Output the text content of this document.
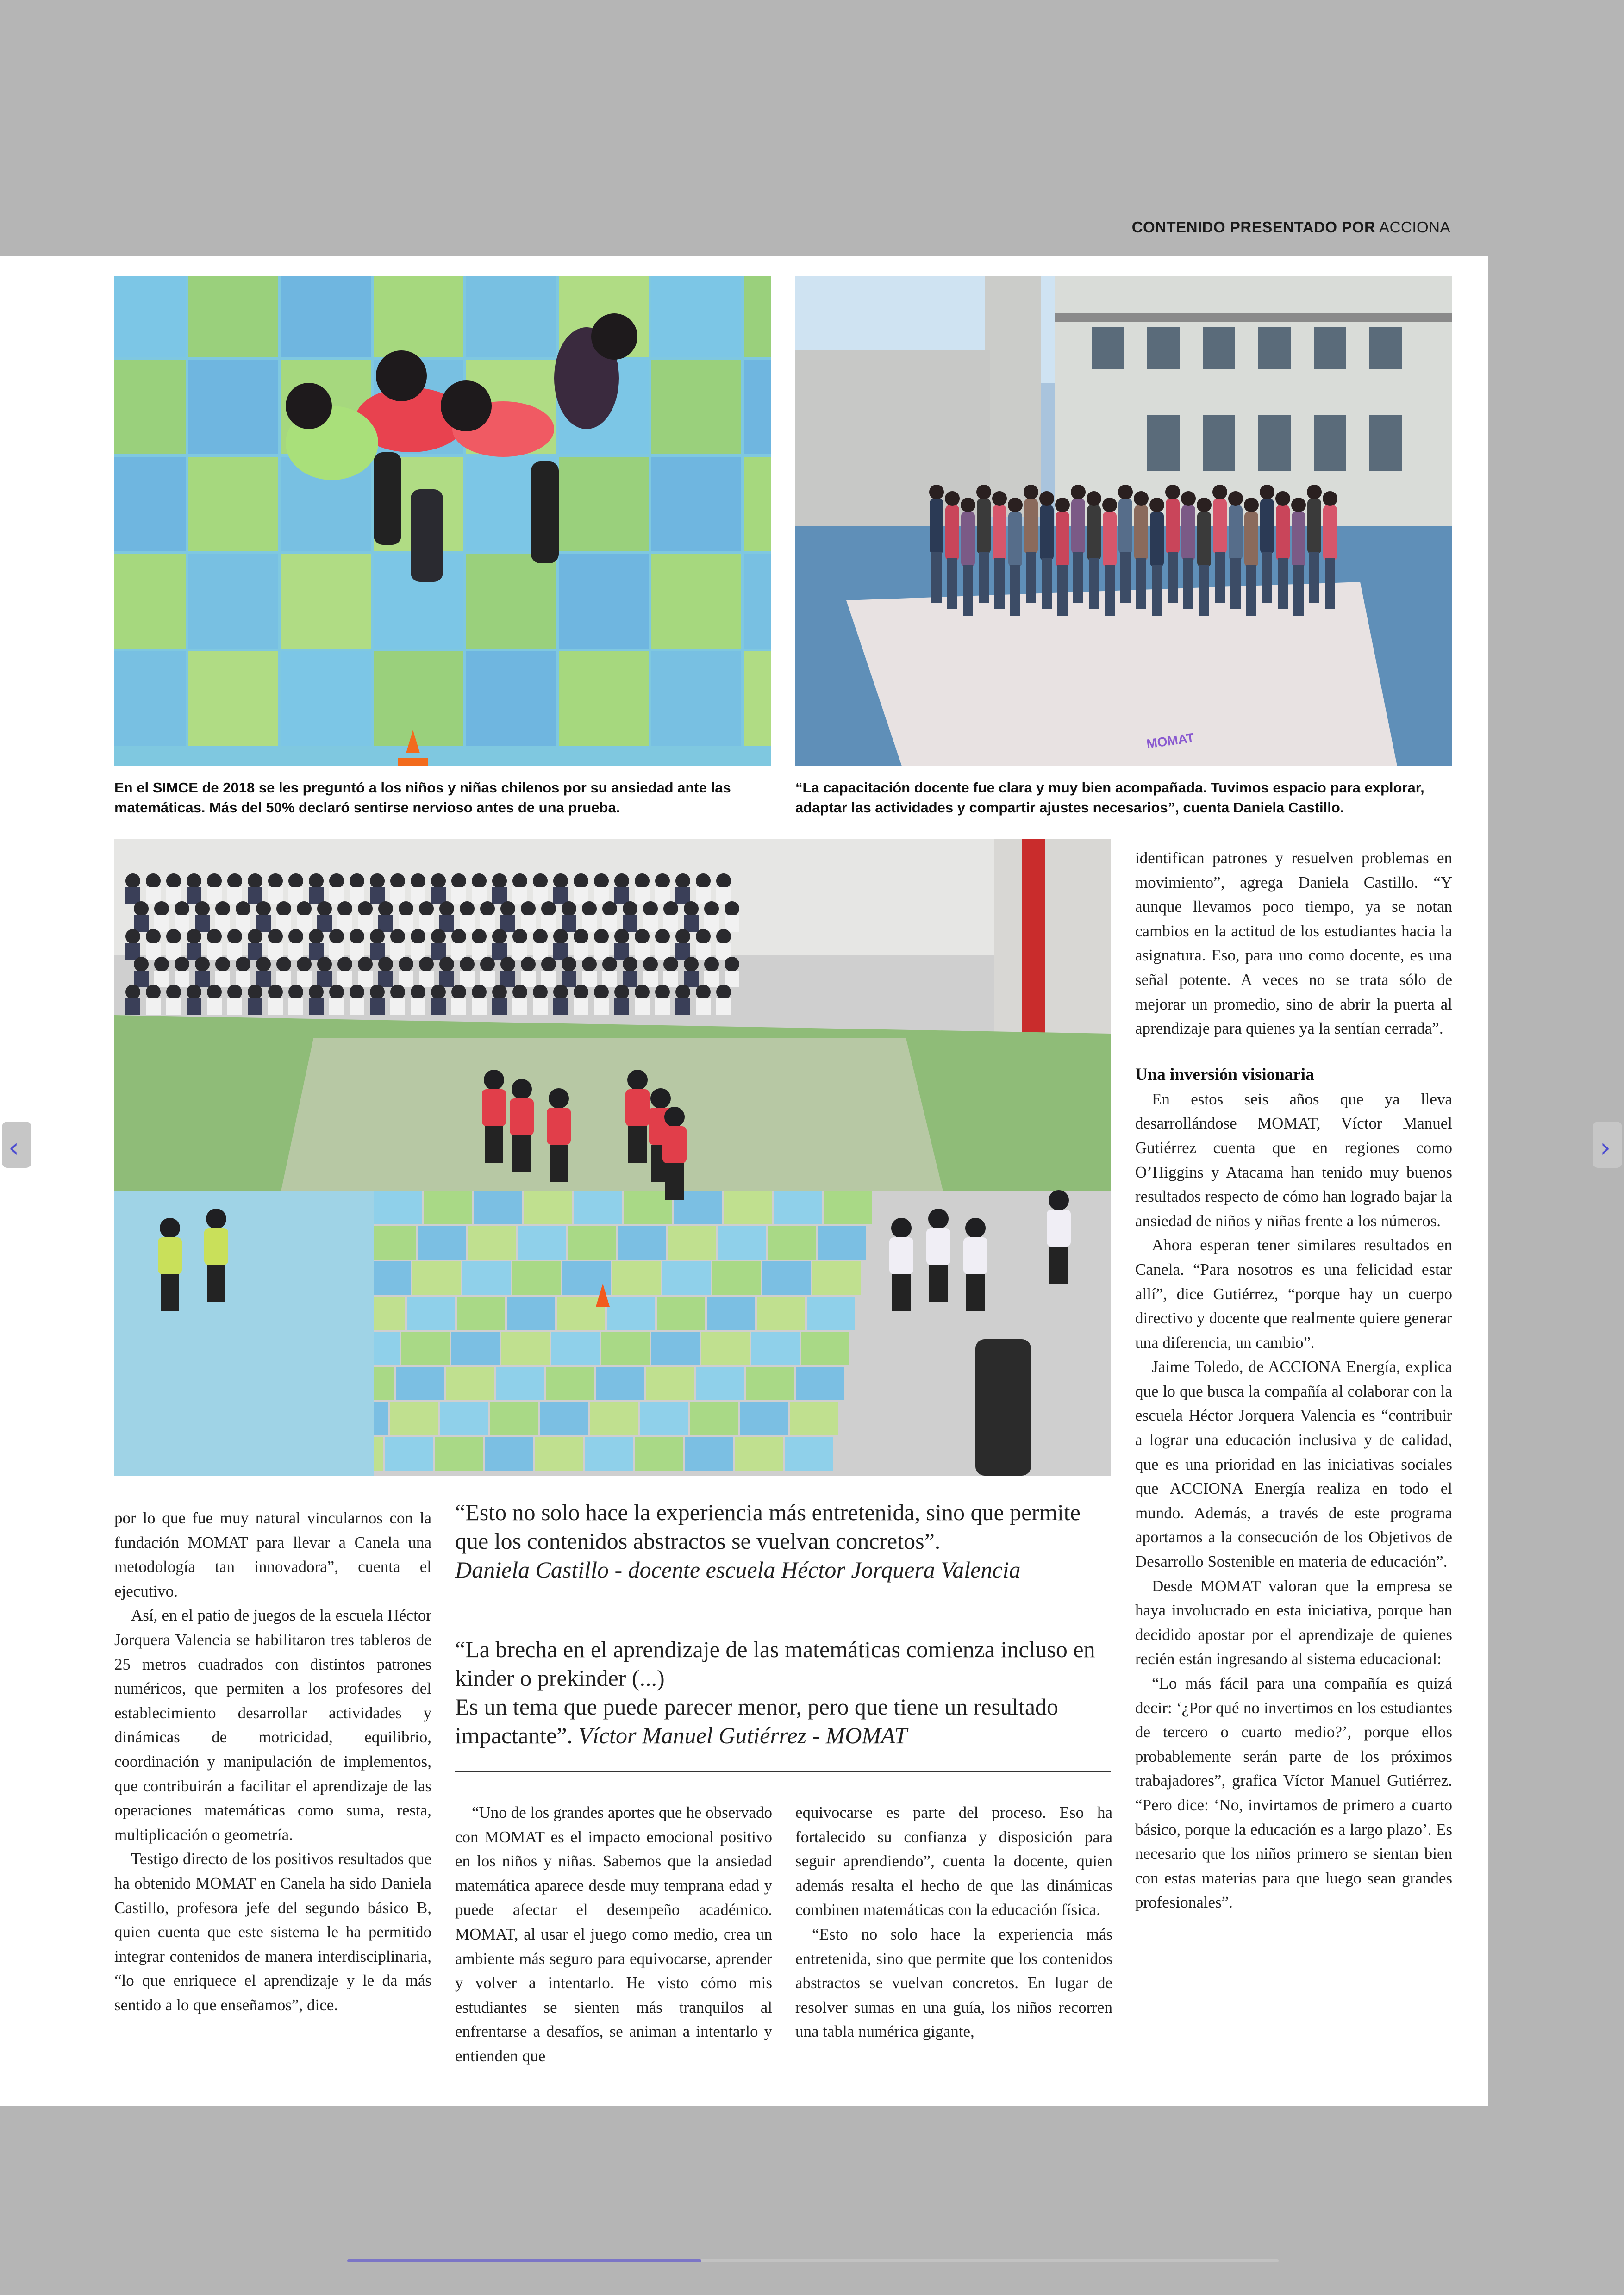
CONTENIDO PRESENTADO POR ACCIONA
MOMAT
En el SIMCE de 2018 se les preguntó a los niños y niñas chilenos por su ansiedad ante las matemáticas. Más del 50% declaró sentirse nervioso antes de una prueba.
“La capacitación docente fue clara y muy bien acompañada. Tuvimos espacio para explorar, adaptar las actividades y compartir ajustes necesarios”, cuenta Daniela Castillo.

por lo que fue muy natural vincularnos con la fundación MOMAT para llevar a Canela una metodología tan innovadora”, cuenta el ejecutivo.

Así, en el patio de juegos de la escuela Héctor Jorquera Valencia se habilitaron tres tableros de 25 metros cuadrados con distintos patrones numéricos, que permiten a los profesores del establecimiento desarrollar actividades y dinámicas de motricidad, equilibrio, coordinación y manipulación de implementos, que contribuirán a facilitar el aprendizaje de las operaciones matemáticas como suma, resta, multiplicación o geometría.

Testigo directo de los positivos resultados que ha obtenido MOMAT en Canela ha sido Daniela Castillo, profesora jefe del segundo básico B, quien cuenta que este sistema le ha permitido integrar contenidos de manera interdisciplinaria, “lo que enriquece el aprendizaje y le da más sentido a lo que enseñamos”, dice.

“Esto no solo hace la experiencia más entretenida, sino que permite que los contenidos abstractos se vuelvan concretos”.
Daniela Castillo - docente escuela Héctor Jorquera Valencia
“La brecha en el aprendizaje de las matemáticas comienza incluso en kinder o prekinder (...)
Es un tema que puede parecer menor, pero que tiene un resultado impactante”. Víctor Manuel Gutiérrez - MOMAT

“Uno de los grandes aportes que he observado con MOMAT es el impacto emocional positivo en los niños y niñas. Sabemos que la ansiedad matemática aparece desde muy temprana edad y puede afectar el desempeño académico. MOMAT, al usar el juego como medio, crea un ambiente más seguro para equivocarse, aprender y volver a intentarlo. He visto cómo mis estudiantes se sienten más tranquilos al enfrentarse a desafíos, se animan a intentarlo y entienden que

equivocarse es parte del proceso. Eso ha fortalecido su confianza y disposición para seguir aprendiendo”, cuenta la docente, quien además resalta el hecho de que las dinámicas combinen matemáticas con la educación física.

“Esto no solo hace la experiencia más entretenida, sino que permite que los contenidos abstractos se vuelvan concretos. En lugar de resolver sumas en una guía, los niños recorren una tabla numérica gigante,

identifican patrones y resuelven problemas en movimiento”, agrega Daniela Castillo. “Y aunque llevamos poco tiempo, ya se notan cambios en la actitud de los estudiantes hacia la asignatura. Eso, para uno como docente, es una señal potente. A veces no se trata sólo de mejorar un promedio, sino de abrir la puerta al aprendizaje para quienes ya la sentían cerrada”.

Una inversión visionaria

En estos seis años que ya lleva desarrollándose MOMAT, Víctor Manuel Gutiérrez cuenta que en regiones como O’Higgins y Atacama han tenido muy buenos resultados respecto de cómo han logrado bajar la ansiedad de niños y niñas frente a los números.

Ahora esperan tener similares resultados en Canela. “Para nosotros es una felicidad estar allí”, dice Gutiérrez, “porque hay un cuerpo directivo y docente que realmente quiere generar una diferencia, un cambio”.

Jaime Toledo, de ACCIONA Energía, explica que lo que busca la compañía al colaborar con la escuela Héctor Jorquera Valencia es “contribuir a lograr una educación inclusiva y de calidad, que es una prioridad en las iniciativas sociales que ACCIONA Energía realiza en todo el mundo. Además, a través de este programa aportamos a la consecución de los Objetivos de Desarrollo Sostenible en materia de educación”.

Desde MOMAT valoran que la empresa se haya involucrado en esta iniciativa, porque han decidido apostar por el aprendizaje de quienes recién están ingresando al sistema educacional:

“Lo más fácil para una compañía es quizá decir: ‘¿Por qué no invertimos en los estudiantes de tercero o cuarto medio?’, porque ellos probablemente serán parte de los próximos trabajadores”, grafica Víctor Manuel Gutiérrez. “Pero dice: ‘No, invirtamos de primero a cuarto básico, porque la educación es a largo plazo’. Es necesario que los niños primero se sientan bien con estas materias para que luego sean grandes profesionales”.

‹	›
